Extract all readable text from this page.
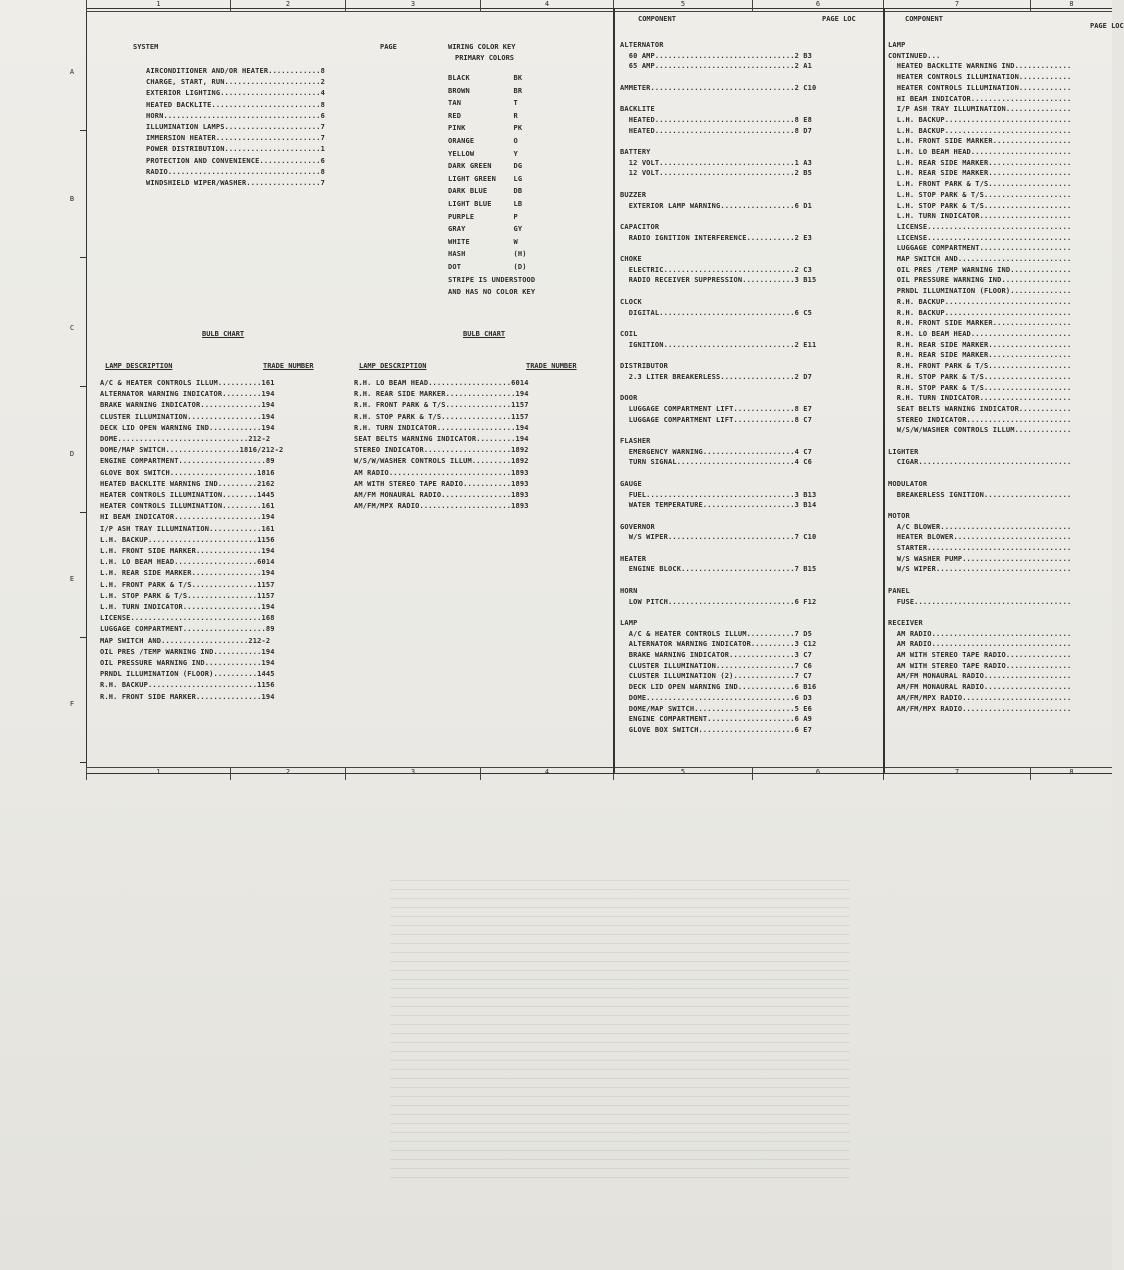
1	2	3	4	5	6	7	8
1	2	3	4	5	6	7	8
A
B
C
D
E
F
SYSTEM	PAGE
AIRCONDITIONER AND/OR HEATER............8
CHARGE, START, RUN......................2
EXTERIOR LIGHTING.......................4
HEATED BACKLITE.........................8
HORN....................................6
ILLUMINATION LAMPS......................7
IMMERSION HEATER........................7
POWER DISTRIBUTION......................1
PROTECTION AND CONVENIENCE..............6
RADIO...................................8
WINDSHIELD WIPER/WASHER.................7
WIRING COLOR KEY
PRIMARY COLORS
BLACK          BK
BROWN          BR
TAN            T
RED            R
PINK           PK
ORANGE         O
YELLOW         Y
DARK GREEN     DG
LIGHT GREEN    LG
DARK BLUE      DB
LIGHT BLUE     LB
PURPLE         P
GRAY           GY
WHITE          W
HASH           (H)
DOT            (D)
STRIPE IS UNDERSTOOD
AND HAS NO COLOR KEY
BULB CHART
LAMP DESCRIPTION	TRADE NUMBER
A/C & HEATER CONTROLS ILLUM..........161
ALTERNATOR WARNING INDICATOR.........194
BRAKE WARNING INDICATOR..............194
CLUSTER ILLUMINATION.................194
DECK LID OPEN WARNING IND............194
DOME..............................212-2
DOME/MAP SWITCH.................1816/212-2
ENGINE COMPARTMENT....................89
GLOVE BOX SWITCH....................1816
HEATED BACKLITE WARNING IND.........2162
HEATER CONTROLS ILLUMINATION........1445
HEATER CONTROLS ILLUMINATION.........161
HI BEAM INDICATOR....................194
I/P ASH TRAY ILLUMINATION............161
L.H. BACKUP.........................1156
L.H. FRONT SIDE MARKER...............194
L.H. LO BEAM HEAD...................6014
L.H. REAR SIDE MARKER................194
L.H. FRONT PARK & T/S...............1157
L.H. STOP PARK & T/S................1157
L.H. TURN INDICATOR..................194
LICENSE..............................168
LUGGAGE COMPARTMENT...................89
MAP SWITCH AND....................212-2
OIL PRES /TEMP WARNING IND...........194
OIL PRESSURE WARNING IND.............194
PRNDL ILLUMINATION (FLOOR)..........1445
R.H. BACKUP.........................1156
R.H. FRONT SIDE MARKER...............194
BULB CHART
LAMP DESCRIPTION	TRADE NUMBER
R.H. LO BEAM HEAD...................6014
R.H. REAR SIDE MARKER................194
R.H. FRONT PARK & T/S...............1157
R.H. STOP PARK & T/S................1157
R.H. TURN INDICATOR..................194
SEAT BELTS WARNING INDICATOR.........194
STEREO INDICATOR....................1892
W/S/W/WASHER CONTROLS ILLUM.........1892
AM RADIO............................1893
AM WITH STEREO TAPE RADIO...........1893
AM/FM MONAURAL RADIO................1893
AM/FM/MPX RADIO.....................1893
COMPONENT	PAGE LOC
ALTERNATOR
60 AMP................................2 B3
65 AMP................................2 A1

AMMETER.................................2 C10

BACKLITE
HEATED................................8 E8
HEATED................................8 D7

BATTERY
12 VOLT...............................1 A3
12 VOLT...............................2 B5

BUZZER
EXTERIOR LAMP WARNING.................6 D1

CAPACITOR
RADIO IGNITION INTERFERENCE...........2 E3

CHOKE
ELECTRIC..............................2 C3
RADIO RECEIVER SUPPRESSION............3 B15

CLOCK
DIGITAL...............................6 C5

COIL
IGNITION..............................2 E11

DISTRIBUTOR
2.3 LITER BREAKERLESS.................2 D7

DOOR
LUGGAGE COMPARTMENT LIFT..............8 E7
LUGGAGE COMPARTMENT LIFT..............8 C7

FLASHER
EMERGENCY WARNING.....................4 C7
TURN SIGNAL...........................4 C6

GAUGE
FUEL..................................3 B13
WATER TEMPERATURE.....................3 B14

GOVERNOR
W/S WIPER.............................7 C10

HEATER
ENGINE BLOCK..........................7 B15

HORN
LOW PITCH.............................6 F12

LAMP
A/C & HEATER CONTROLS ILLUM...........7 D5
ALTERNATOR WARNING INDICATOR..........3 C12
BRAKE WARNING INDICATOR...............3 C7
CLUSTER ILLUMINATION..................7 C6
CLUSTER ILLUMINATION (2)..............7 C7
DECK LID OPEN WARNING IND.............6 B16
DOME..................................6 D3
DOME/MAP SWITCH.......................5 E6
ENGINE COMPARTMENT....................6 A9
GLOVE BOX SWITCH......................6 E7
COMPONENT
PAGE LOC
LAMP
CONTINUED...
HEATED BACKLITE WARNING IND.............
HEATER CONTROLS ILLUMINATION............
HEATER CONTROLS ILLUMINATION............
HI BEAM INDICATOR.......................
I/P ASH TRAY ILLUMINATION...............
L.H. BACKUP.............................
L.H. BACKUP.............................
L.H. FRONT SIDE MARKER..................
L.H. LO BEAM HEAD.......................
L.H. REAR SIDE MARKER...................
L.H. REAR SIDE MARKER...................
L.H. FRONT PARK & T/S...................
L.H. STOP PARK & T/S....................
L.H. STOP PARK & T/S....................
L.H. TURN INDICATOR.....................
LICENSE.................................
LICENSE.................................
LUGGAGE COMPARTMENT.....................
MAP SWITCH AND..........................
OIL PRES /TEMP WARNING IND..............
OIL PRESSURE WARNING IND................
PRNDL ILLUMINATION (FLOOR)..............
R.H. BACKUP.............................
R.H. BACKUP.............................
R.H. FRONT SIDE MARKER..................
R.H. LO BEAM HEAD.......................
R.H. REAR SIDE MARKER...................
R.H. REAR SIDE MARKER...................
R.H. FRONT PARK & T/S...................
R.H. STOP PARK & T/S....................
R.H. STOP PARK & T/S....................
R.H. TURN INDICATOR.....................
SEAT BELTS WARNING INDICATOR............
STEREO INDICATOR........................
W/S/W/WASHER CONTROLS ILLUM.............

LIGHTER
CIGAR...................................

MODULATOR
BREAKERLESS IGNITION....................

MOTOR
A/C BLOWER..............................
HEATER BLOWER...........................
STARTER.................................
W/S WASHER PUMP.........................
W/S WIPER...............................

PANEL
FUSE....................................

RECEIVER
AM RADIO................................
AM RADIO................................
AM WITH STEREO TAPE RADIO...............
AM WITH STEREO TAPE RADIO...............
AM/FM MONAURAL RADIO....................
AM/FM MONAURAL RADIO....................
AM/FM/MPX RADIO.........................
AM/FM/MPX RADIO.........................
